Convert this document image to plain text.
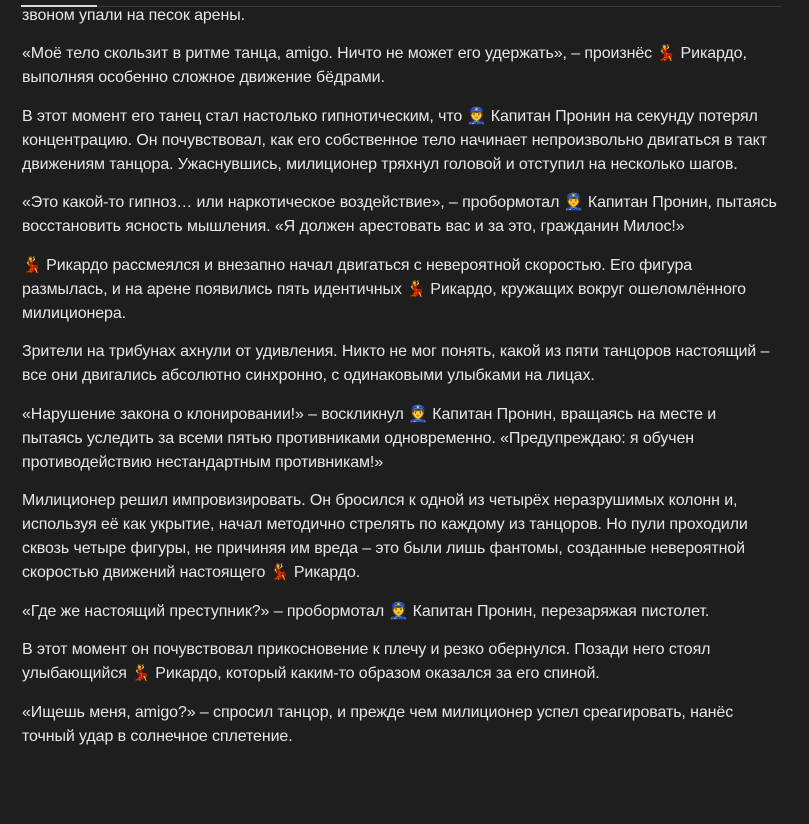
звоном упали на песок арены.

«Моё тело скользит в ритме танца, amigo. Ничто не может его удержать», – произнёс 💃 Рикардо, выполняя особенно сложное движение бёдрами.

В этот момент его танец стал настолько гипнотическим, что 👮 Капитан Пронин на секунду потерял концентрацию. Он почувствовал, как его собственное тело начинает непроизвольно двигаться в такт движениям танцора. Ужаснувшись, милиционер тряхнул головой и отступил на несколько шагов.

«Это какой-то гипноз… или наркотическое воздействие», – пробормотал 👮 Капитан Пронин, пытаясь восстановить ясность мышления. «Я должен арестовать вас и за это, гражданин Милос!»

💃 Рикардо рассмеялся и внезапно начал двигаться с невероятной скоростью. Его фигура размылась, и на арене появились пять идентичных 💃 Рикардо, кружащих вокруг ошеломлённого милиционера.

Зрители на трибунах ахнули от удивления. Никто не мог понять, какой из пяти танцоров настоящий – все они двигались абсолютно синхронно, с одинаковыми улыбками на лицах.

«Нарушение закона о клонировании!» – воскликнул 👮 Капитан Пронин, вращаясь на месте и пытаясь уследить за всеми пятью противниками одновременно. «Предупреждаю: я обучен противодействию нестандартным противникам!»

Милиционер решил импровизировать. Он бросился к одной из четырёх неразрушимых колонн и, используя её как укрытие, начал методично стрелять по каждому из танцоров. Но пули проходили сквозь четыре фигуры, не причиняя им вреда – это были лишь фантомы, созданные невероятной скоростью движений настоящего 💃 Рикардо.

«Где же настоящий преступник?» – пробормотал 👮 Капитан Пронин, перезаряжая пистолет.

В этот момент он почувствовал прикосновение к плечу и резко обернулся. Позади него стоял улыбающийся 💃 Рикардо, который каким-то образом оказался за его спиной.

«Ищешь меня, amigo?» – спросил танцор, и прежде чем милиционер успел среагировать, нанёс точный удар в солнечное сплетение.
